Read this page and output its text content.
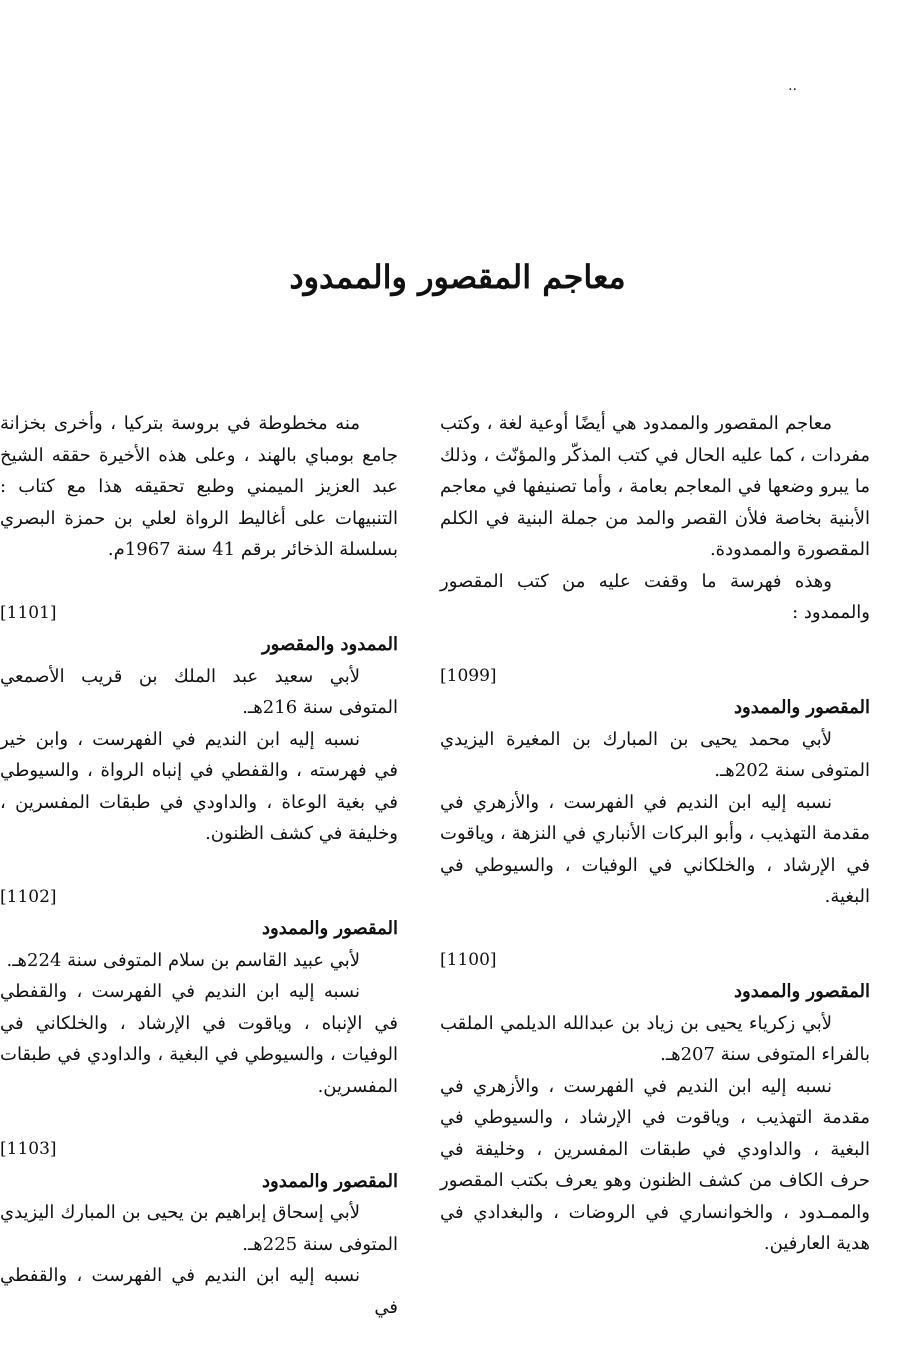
..
معاجم المقصور والممدود

معاجم المقصور والممدود هي أيضًا أوعية لغة ، وكتب مفردات ، كما عليه الحال في كتب المذكّر والمؤنّث ، وذلك ما يبرو وضعها في المعاجم بعامة ، وأما تصنيفها في معاجم الأبنية بخاصة فلأن القصر والمد من جملة البنية في الكلم المقصورة والممدودة.

وهذه فهرسة ما وقفت عليه من كتب المقصور والممدود :

[1099]

المقصور والممدود

لأبي محمد يحيى بن المبارك بن المغيرة اليزيدي المتوفى سنة 202هـ.

نسبه إليه ابن النديم في الفهرست ، والأزهري في مقدمة التهذيب ، وأبو البركات الأنباري في النزهة ، وياقوت في الإرشاد ، والخلكاني في الوفيات ، والسيوطي في البغية.

[1100]

المقصور والممدود

لأبي زكرياء يحيى بن زياد بن عبدالله الديلمي الملقب بالفراء المتوفى سنة 207هـ.

نسبه إليه ابن النديم في الفهرست ، والأزهري في مقدمة التهذيب ، وياقوت في الإرشاد ، والسيوطي في البغية ، والداودي في طبقات المفسرين ، وخليفة في حرف الكاف من كشف الظنون وهو يعرف بكتب المقصور والممـدود ، والخوانساري في الروضات ، والبغدادي في هدية العارفين.

منه مخطوطة في بروسة بتركيا ، وأخرى بخزانة جامع بومباي بالهند ، وعلى هذه الأخيرة حققه الشيخ عبد العزيز الميمني وطبع تحقيقه هذا مع كتاب : التنبيهات على أغاليط الرواة لعلي بن حمزة البصري بسلسلة الذخائر برقم 41 سنة 1967م.

[1101]

الممدود والمقصور

لأبي سعيد عبد الملك بن قريب الأصمعي المتوفى سنة 216هـ.

نسبه إليه ابن النديم في الفهرست ، وابن خير في فهرسته ، والقفطي في إنباه الرواة ، والسيوطي في بغية الوعاة ، والداودي في طبقات المفسرين ، وخليفة في كشف الظنون.

[1102]

المقصور والممدود

لأبي عبيد القاسم بن سلام المتوفى سنة 224هـ.

نسبه إليه ابن النديم في الفهرست ، والقفطي في الإنباه ، وياقوت في الإرشاد ، والخلكاني في الوفيات ، والسيوطي في البغية ، والداودي في طبقات المفسرين.

[1103]

المقصور والممدود

لأبي إسحاق إبراهيم بن يحيى بن المبارك اليزيدي المتوفى سنة 225هـ.

نسبه إليه ابن النديم في الفهرست ، والقفطي في
